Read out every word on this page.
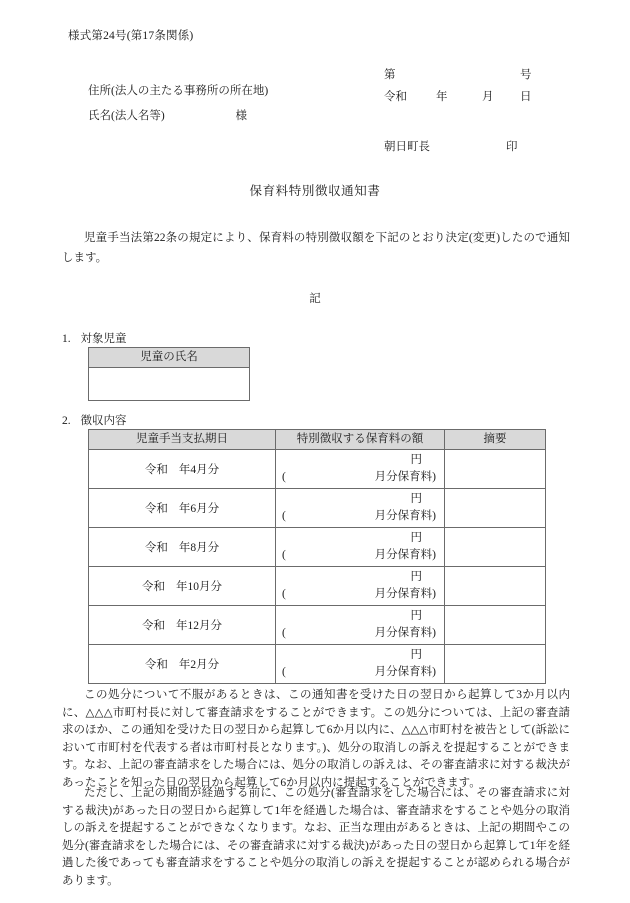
様式第24号(第17条関係)
住所(法人の主たる事務所の所在地)
氏名(法人名等)	様
第	号
令和	年	月 日
朝日町長	印
保育料特別徴収通知書
児童手当法第22条の規定により、保育料の特別徴収額を下記のとおり決定(変更)したので通知します。
記
1. 対象児童
児童の氏名

2. 徴収内容
児童手当支払期日	特別徴収する保育料の額	摘要
令和 年4月分	円
( 月分保育料)	

令和 年6月分	円
( 月分保育料)	

令和 年8月分	円
( 月分保育料)	

令和 年10月分	円
( 月分保育料)	

令和 年12月分	円
( 月分保育料)	

令和 年2月分	円
( 月分保育料)	

この処分について不服があるときは、この通知書を受けた日の翌日から起算して3か月以内に、△△△市町村長に対して審査請求をすることができます。この処分については、上記の審査請求のほか、この通知を受けた日の翌日から起算して6か月以内に、△△△市町村を被告として(訴訟において市町村を代表する者は市町村長となります。)、処分の取消しの訴えを提起することができます。なお、上記の審査請求をした場合には、処分の取消しの訴えは、その審査請求に対する裁決があったことを知った日の翌日から起算して6か月以内に提起することができます。
ただし、上記の期間が経過する前に、この処分(審査請求をした場合には、その審査請求に対する裁決)があった日の翌日から起算して1年を経過した場合は、審査請求をすることや処分の取消しの訴えを提起することができなくなります。なお、正当な理由があるときは、上記の期間やこの処分(審査請求をした場合には、その審査請求に対する裁決)があった日の翌日から起算して1年を経過した後であっても審査請求をすることや処分の取消しの訴えを提起することが認められる場合があります。
